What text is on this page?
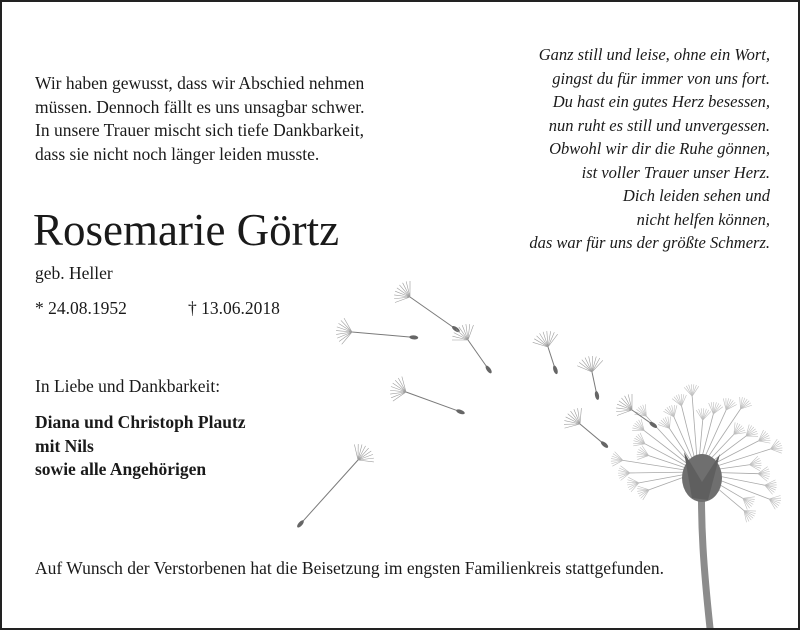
Wir haben gewusst, dass wir Abschied nehmen
müssen. Dennoch fällt es uns unsagbar schwer.
In unsere Trauer mischt sich tiefe Dankbarkeit,
dass sie nicht noch länger leiden musste.
Ganz still und leise, ohne ein Wort,
gingst du für immer von uns fort.
Du hast ein gutes Herz besessen,
nun ruht es still und unvergessen.
Obwohl wir dir die Ruhe gönnen,
ist voller Trauer unser Herz.
Dich leiden sehen und
nicht helfen können,
das war für uns der größte Schmerz.
Rosemarie Görtz
geb. Heller
* 24.08.1952	† 13.06.2018
In Liebe und Dankbarkeit:
Diana und Christoph Plautz
mit Nils
sowie alle Angehörigen
Auf Wunsch der Verstorbenen hat die Beisetzung im engsten Familienkreis stattgefunden.
